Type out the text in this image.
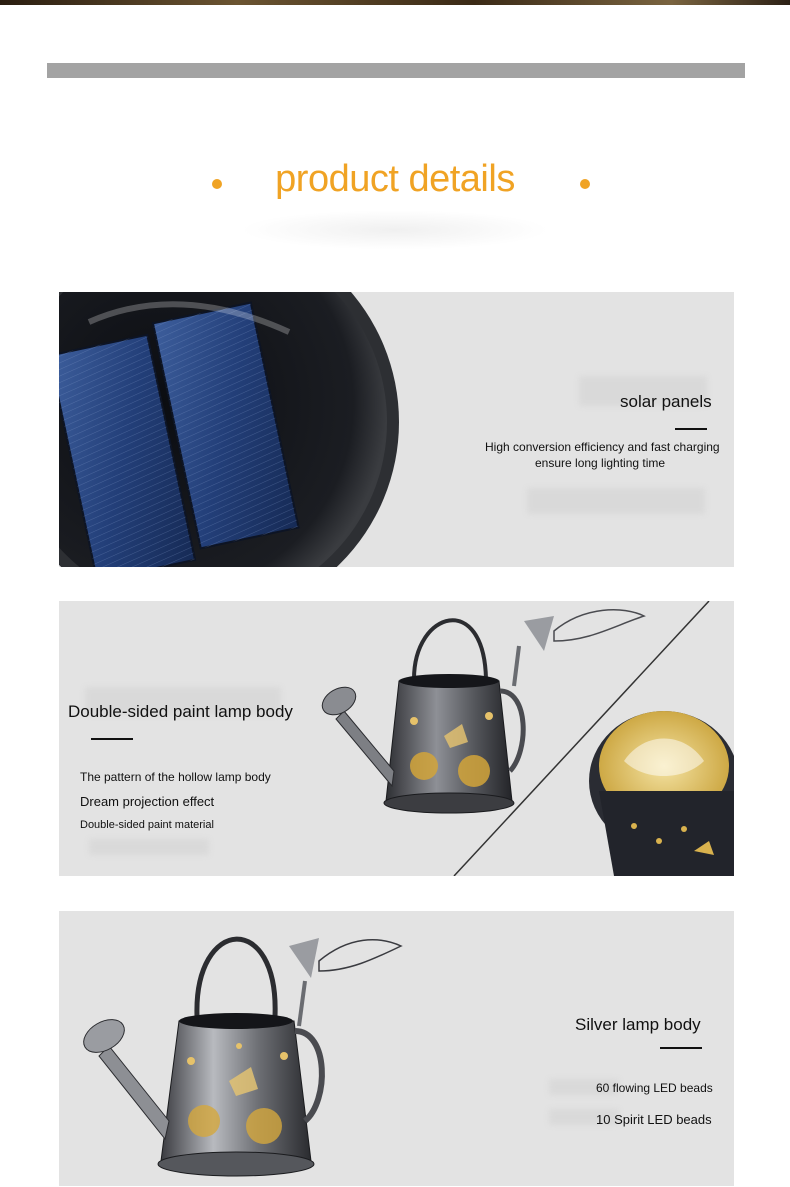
product details
solar panels
High conversion efficiency and fast charging
ensure long lighting time
Double-sided paint lamp body
The pattern of the hollow lamp body
Dream projection effect
Double-sided paint material
Silver lamp body
60 flowing LED beads
10 Spirit LED beads
